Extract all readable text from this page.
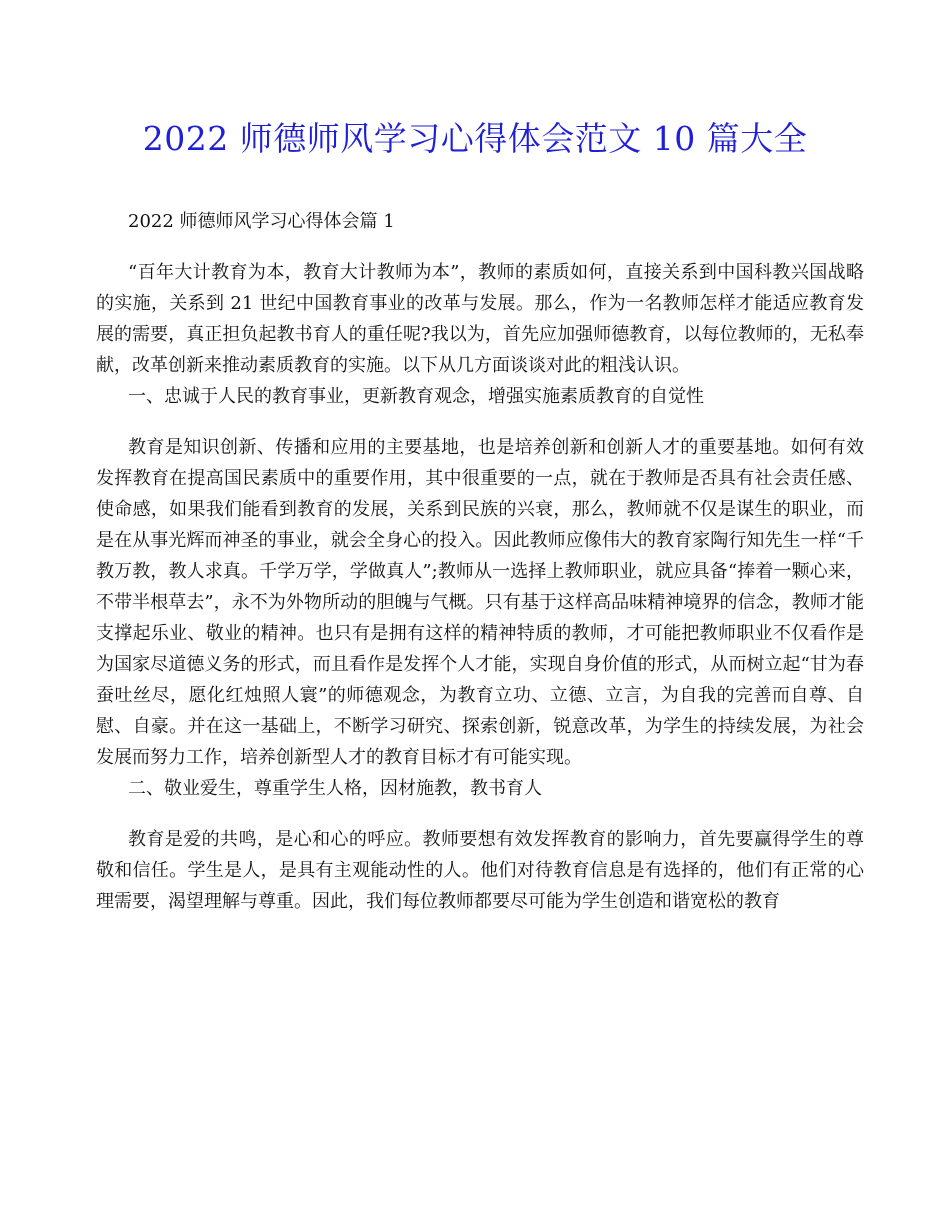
2022 师德师风学习心得体会范文 10 篇大全

2022 师德师风学习心得体会篇 1

“百年大计教育为本，教育大计教师为本”，教师的素质如何，直接关系到中国科教兴国战略的实施，关系到 21 世纪中国教育事业的改革与发展。那么，作为一名教师怎样才能适应教育发展的需要，真正担负起教书育人的重任呢?我以为，首先应加强师德教育，以每位教师的，无私奉献，改革创新来推动素质教育的实施。以下从几方面谈谈对此的粗浅认识。

一、忠诚于人民的教育事业，更新教育观念，增强实施素质教育的自觉性

教育是知识创新、传播和应用的主要基地，也是培养创新和创新人才的重要基地。如何有效发挥教育在提高国民素质中的重要作用，其中很重要的一点，就在于教师是否具有社会责任感、使命感，如果我们能看到教育的发展，关系到民族的兴衰，那么，教师就不仅是谋生的职业，而是在从事光辉而神圣的事业，就会全身心的投入。因此教师应像伟大的教育家陶行知先生一样“千教万教，教人求真。千学万学，学做真人”;教师从一选择上教师职业，就应具备“捧着一颗心来，不带半根草去”，永不为外物所动的胆魄与气概。只有基于这样高品味精神境界的信念，教师才能支撑起乐业、敬业的精神。也只有是拥有这样的精神特质的教师，才可能把教师职业不仅看作是为国家尽道德义务的形式，而且看作是发挥个人才能，实现自身价值的形式，从而树立起“甘为春蚕吐丝尽，愿化红烛照人寰”的师德观念，为教育立功、立德、立言，为自我的完善而自尊、自慰、自豪。并在这一基础上，不断学习研究、探索创新，锐意改革，为学生的持续发展，为社会发展而努力工作，培养创新型人才的教育目标才有可能实现。

二、敬业爱生，尊重学生人格，因材施教，教书育人

教育是爱的共鸣，是心和心的呼应。教师要想有效发挥教育的影响力，首先要赢得学生的尊敬和信任。学生是人，是具有主观能动性的人。他们对待教育信息是有选择的，他们有正常的心理需要，渴望理解与尊重。因此，我们每位教师都要尽可能为学生创造和谐宽松的教育
